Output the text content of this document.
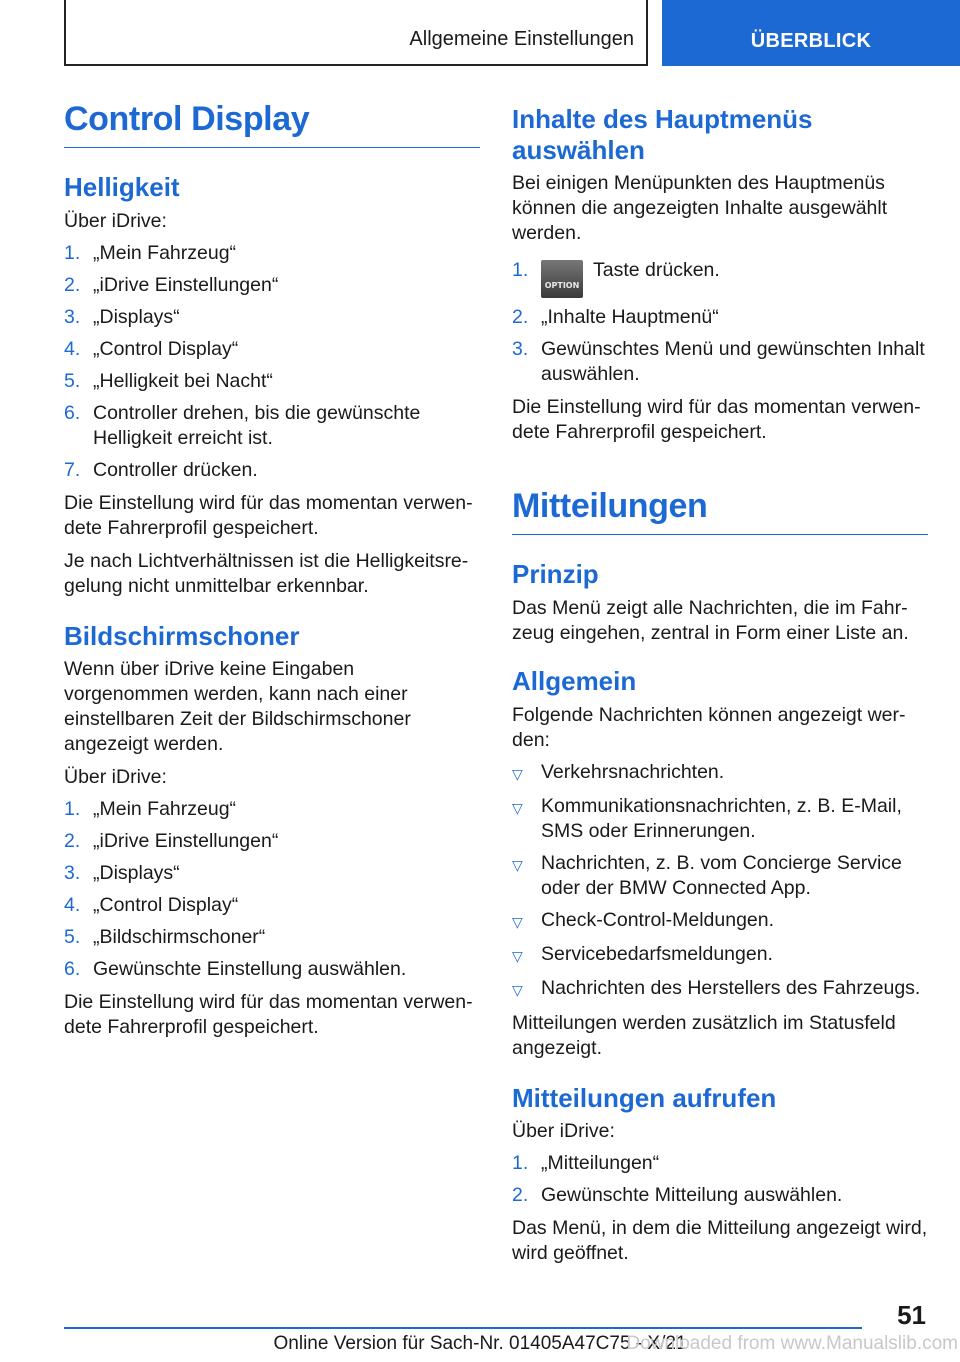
Allgemeine Einstellungen	ÜBERBLICK
Control Display
Helligkeit

Über iDrive:

1. „Mein Fahrzeug“
2. „iDrive Einstellungen“
3. „Displays“
4. „Control Display“
5. „Helligkeit bei Nacht“
6. Controller drehen, bis die gewünschte Helligkeit erreicht ist.
7. Controller drücken.

Die Einstellung wird für das momentan verwendete Fahrerprofil gespeichert.

Je nach Lichtverhältnissen ist die Helligkeitsregelung nicht unmittelbar erkennbar.

Bildschirmschoner

Wenn über iDrive keine Eingaben vorgenommen werden, kann nach einer einstellbaren Zeit der Bildschirmschoner angezeigt werden.

Über iDrive:

1. „Mein Fahrzeug“
2. „iDrive Einstellungen“
3. „Displays“
4. „Control Display“
5. „Bildschirmschoner“
6. Gewünschte Einstellung auswählen.

Die Einstellung wird für das momentan verwendete Fahrerprofil gespeichert.

Inhalte des Hauptmenüs auswählen

Bei einigen Menüpunkten des Hauptmenüs können die angezeigten Inhalte ausgewählt werden.

1.
OPTION
Taste drücken.
2. „Inhalte Hauptmenü“
3. Gewünschtes Menü und gewünschten Inhalt auswählen.

Die Einstellung wird für das momentan verwendete Fahrerprofil gespeichert.

Mitteilungen
Prinzip

Das Menü zeigt alle Nachrichten, die im Fahrzeug eingehen, zentral in Form einer Liste an.

Allgemein

Folgende Nachrichten können angezeigt werden:

▽ Verkehrsnachrichten.
▽ Kommunikationsnachrichten, z. B. E-Mail, SMS oder Erinnerungen.
▽ Nachrichten, z. B. vom Concierge Service oder der BMW Connected App.
▽ Check-Control-Meldungen.
▽ Servicebedarfsmeldungen.
▽ Nachrichten des Herstellers des Fahrzeugs.

Mitteilungen werden zusätzlich im Statusfeld angezeigt.

Mitteilungen aufrufen

Über iDrive:

1. „Mitteilungen“
2. Gewünschte Mitteilung auswählen.

Das Menü, in dem die Mitteilung angezeigt wird, wird geöffnet.

51
Online Version für Sach-Nr. 01405A47C75 - X/21
Downloaded from www.Manualslib.com
